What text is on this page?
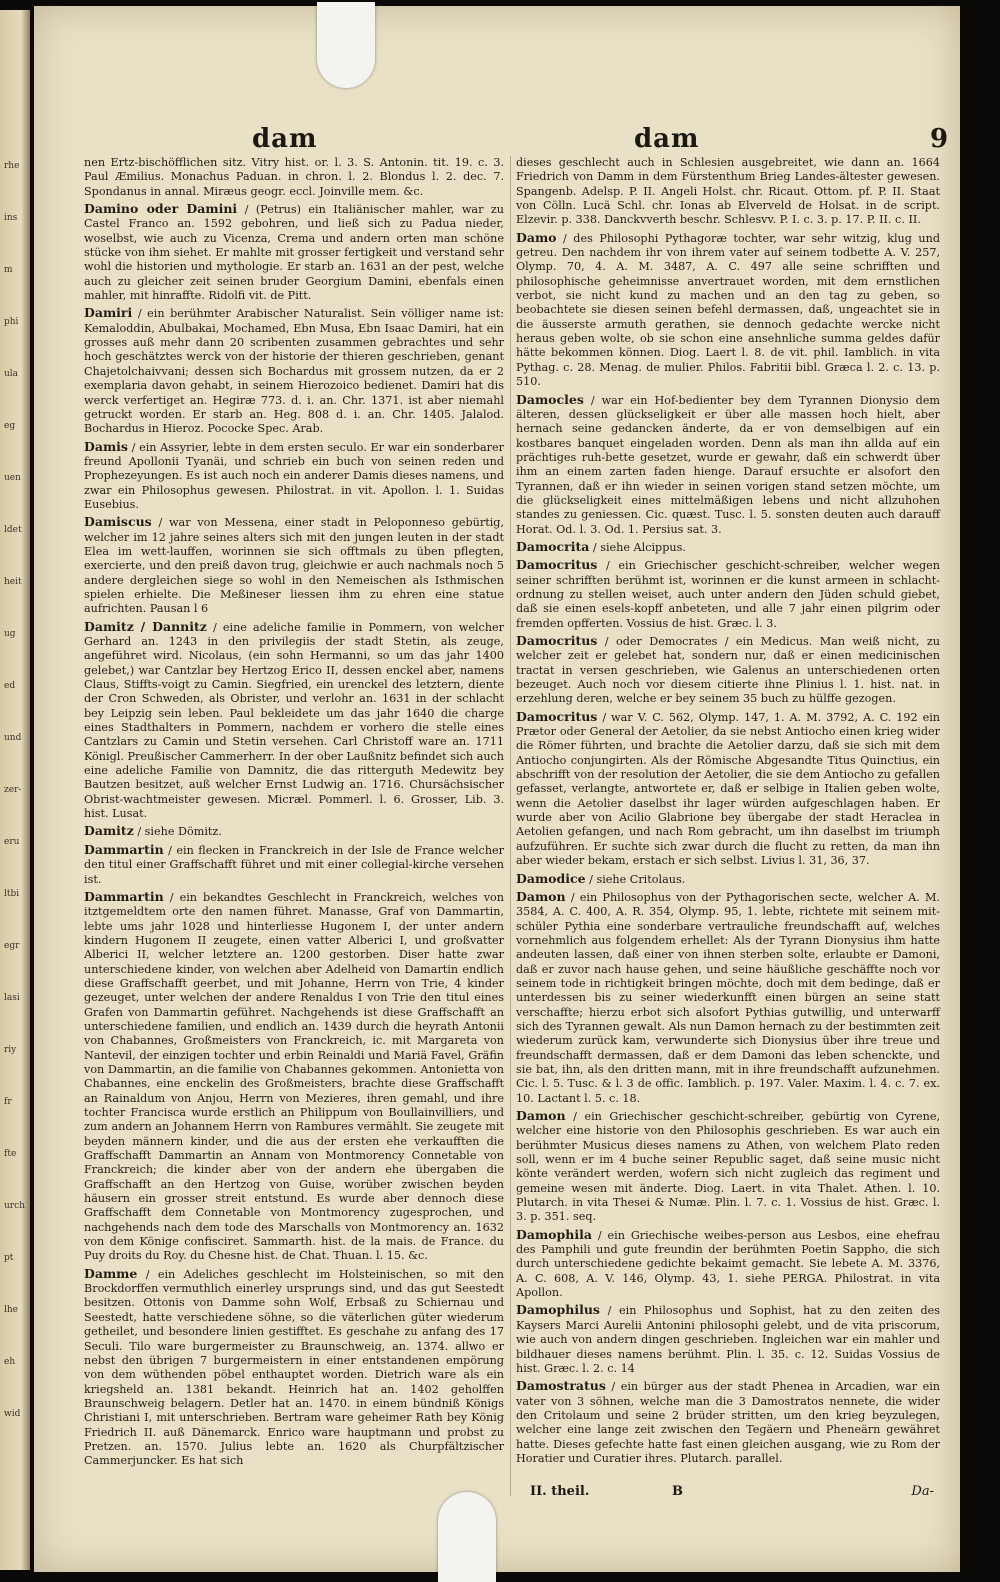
rhe
ins
m
phi
ula
eg
uen
ldet
heit
ug
ed
und
zer-
eru
ltbi
egr
lasi
riy
fr
fte
urch
pt
lhe
eh
wid
dam	dam	9

nen Ertz-bischöfflichen sitz. Vitry hist. or. l. 3. S. Antonin. tit. 19. c. 3. Paul Æmilius. Monachus Paduan. in chron. l. 2. Blondus l. 2. dec. 7. Spondanus in annal. Miræus geogr. eccl. Joinville mem. &c.

Damino oder Damini / (Petrus) ein Italiänischer mahler, war zu Castel Franco an. 1592 gebohren, und ließ sich zu Padua nieder, woselbst, wie auch zu Vicenza, Crema und andern orten man schöne stücke von ihm siehet. Er mahlte mit grosser fertigkeit und verstand sehr wohl die historien und mythologie. Er starb an. 1631 an der pest, welche auch zu gleicher zeit seinen bruder Georgium Damini, ebenfals einen mahler, mit hinraffte. Ridolfi vit. de Pitt.

Damiri / ein berühmter Arabischer Naturalist. Sein völliger name ist: Kemaloddin, Abulbakai, Mochamed, Ebn Musa, Ebn Isaac Damiri, hat ein grosses auß mehr dann 20 scribenten zusammen gebrachtes und sehr hoch geschätztes werck von der historie der thieren geschrieben, genant Chajetolchaivvani; dessen sich Bochardus mit grossem nutzen, da er 2 exemplaria davon gehabt, in seinem Hierozoico bedienet. Damiri hat dis werck verfertiget an. Hegiræ 773. d. i. an. Chr. 1371. ist aber niemahl getruckt worden. Er starb an. Heg. 808 d. i. an. Chr. 1405. Jalalod. Bochardus in Hieroz. Pococke Spec. Arab.

Damis / ein Assyrier, lebte in dem ersten seculo. Er war ein sonderbarer freund Apollonii Tyanäi, und schrieb ein buch von seinen reden und Prophezeyungen. Es ist auch noch ein anderer Damis dieses namens, und zwar ein Philosophus gewesen. Philostrat. in vit. Apollon. l. 1. Suidas Eusebius.

Damiscus / war von Messena, einer stadt in Peloponneso gebürtig, welcher im 12 jahre seines alters sich mit den jungen leuten in der stadt Elea im wett-lauffen, worinnen sie sich offtmals zu üben pflegten, exercierte, und den preiß davon trug, gleichwie er auch nachmals noch 5 andere dergleichen siege so wohl in den Nemeischen als Isthmischen spielen erhielte. Die Meßineser liessen ihm zu ehren eine statue aufrichten. Pausan l 6

Damitz / Dannitz / eine adeliche familie in Pommern, von welcher Gerhard an. 1243 in den privilegiis der stadt Stetin, als zeuge, angeführet wird. Nicolaus, (ein sohn Hermanni, so um das jahr 1400 gelebet,) war Cantzlar bey Hertzog Erico II, dessen enckel aber, namens Claus, Stiffts-voigt zu Camin. Siegfried, ein urenckel des letztern, diente der Cron Schweden, als Obrister, und verlohr an. 1631 in der schlacht bey Leipzig sein leben. Paul bekleidete um das jahr 1640 die charge eines Stadthalters in Pommern, nachdem er vorhero die stelle eines Cantzlars zu Camin und Stetin versehen. Carl Christoff ware an. 1711 Königl. Preußischer Cammerherr. In der ober Laußnitz befindet sich auch eine adeliche Familie von Damnitz, die das ritterguth Medewitz bey Bautzen besitzet, auß welcher Ernst Ludwig an. 1716. Chursächsischer Obrist-wachtmeister gewesen. Micræl. Pommerl. l. 6. Grosser, Lib. 3. hist. Lusat.

Damitz / siehe Dömitz.

Dammartin / ein flecken in Franckreich in der Isle de France welcher den titul einer Graffschafft führet und mit einer collegial-kirche versehen ist.

Dammartin / ein bekandtes Geschlecht in Franckreich, welches von itztgemeldtem orte den namen führet. Manasse, Graf von Dammartin, lebte ums jahr 1028 und hinterliesse Hugonem I, der unter andern kindern Hugonem II zeugete, einen vatter Alberici I, und großvatter Alberici II, welcher letztere an. 1200 gestorben. Diser hatte zwar unterschiedene kinder, von welchen aber Adelheid von Damartin endlich diese Graffschafft geerbet, und mit Johanne, Herrn von Trie, 4 kinder gezeuget, unter welchen der andere Renaldus I von Trie den titul eines Grafen von Dammartin geführet. Nachgehends ist diese Graffschafft an unterschiedene familien, und endlich an. 1439 durch die heyrath Antonii von Chabannes, Großmeisters von Franckreich, ic. mit Margareta von Nantevil, der einzigen tochter und erbin Reinaldi und Mariä Favel, Gräfin von Dammartin, an die familie von Chabannes gekommen. Antonietta von Chabannes, eine enckelin des Großmeisters, brachte diese Graffschafft an Rainaldum von Anjou, Herrn von Mezieres, ihren gemahl, und ihre tochter Francisca wurde erstlich an Philippum von Boullainvilliers, und zum andern an Johannem Herrn von Rambures vermählt. Sie zeugete mit beyden männern kinder, und die aus der ersten ehe verkaufften die Graffschafft Dammartin an Annam von Montmorency Connetable von Franckreich; die kinder aber von der andern ehe übergaben die Graffschafft an den Hertzog von Guise, worüber zwischen beyden häusern ein grosser streit entstund. Es wurde aber dennoch diese Graffschafft dem Connetable von Montmorency zugesprochen, und nachgehends nach dem tode des Marschalls von Montmorency an. 1632 von dem Könige confisciret. Sammarth. hist. de la mais. de France. du Puy droits du Roy. du Chesne hist. de Chat. Thuan. l. 15. &c.

Damme / ein Adeliches geschlecht im Holsteinischen, so mit den Brockdorffen vermuthlich einerley ursprungs sind, und das gut Seestedt besitzen. Ottonis von Damme sohn Wolf, Erbsaß zu Schiernau und Seestedt, hatte verschiedene söhne, so die väterlichen güter wiederum getheilet, und besondere linien gestifftet. Es geschahe zu anfang des 17 Seculi. Tilo ware burgermeister zu Braunschweig, an. 1374. allwo er nebst den übrigen 7 burgermeistern in einer entstandenen empörung von dem wüthenden pöbel enthauptet worden. Dietrich ware als ein kriegsheld an. 1381 bekandt. Heinrich hat an. 1402 geholffen Braunschweig belagern. Detler hat an. 1470. in einem bündniß Königs Christiani I, mit unterschrieben. Bertram ware geheimer Rath bey König Friedrich II. auß Dänemarck. Enrico ware hauptmann und probst zu Pretzen. an. 1570. Julius lebte an. 1620 als Churpfältzischer Cammerjuncker. Es hat sich

dieses geschlecht auch in Schlesien ausgebreitet, wie dann an. 1664 Friedrich von Damm in dem Fürstenthum Brieg Landes-ältester gewesen. Spangenb. Adelsp. P. II. Angeli Holst. chr. Ricaut. Ottom. pf. P. II. Staat von Cölln. Lucä Schl. chr. Ionas ab Elverveld de Holsat. in de script. Elzevir. p. 338. Danckvverth beschr. Schlesvv. P. I. c. 3. p. 17. P. II. c. II.

Damo / des Philosophi Pythagoræ tochter, war sehr witzig, klug und getreu. Den nachdem ihr von ihrem vater auf seinem todbette A. V. 257, Olymp. 70, 4. A. M. 3487, A. C. 497 alle seine schrifften und philosophische geheimnisse anvertrauet worden, mit dem ernstlichen verbot, sie nicht kund zu machen und an den tag zu geben, so beobachtete sie diesen seinen befehl dermassen, daß, ungeachtet sie in die äusserste armuth gerathen, sie dennoch gedachte wercke nicht heraus geben wolte, ob sie schon eine ansehnliche summa geldes dafür hätte bekommen können. Diog. Laert l. 8. de vit. phil. Iamblich. in vita Pythag. c. 28. Menag. de mulier. Philos. Fabritii bibl. Græca l. 2. c. 13. p. 510.

Damocles / war ein Hof-bedienter bey dem Tyrannen Dionysio dem älteren, dessen glückseligkeit er über alle massen hoch hielt, aber hernach seine gedancken änderte, da er von demselbigen auf ein kostbares banquet eingeladen worden. Denn als man ihn allda auf ein prächtiges ruh-bette gesetzet, wurde er gewahr, daß ein schwerdt über ihm an einem zarten faden hienge. Darauf ersuchte er alsofort den Tyrannen, daß er ihn wieder in seinen vorigen stand setzen möchte, um die glückseligkeit eines mittelmäßigen lebens und nicht allzuhohen standes zu geniessen. Cic. quæst. Tusc. l. 5. sonsten deuten auch darauff Horat. Od. l. 3. Od. 1. Persius sat. 3.

Damocrita / siehe Alcippus.

Damocritus / ein Griechischer geschicht-schreiber, welcher wegen seiner schrifften berühmt ist, worinnen er die kunst armeen in schlacht-ordnung zu stellen weiset, auch unter andern den Jüden schuld giebet, daß sie einen esels-kopff anbeteten, und alle 7 jahr einen pilgrim oder fremden opfferten. Vossius de hist. Græc. l. 3.

Damocritus / oder Democrates / ein Medicus. Man weiß nicht, zu welcher zeit er gelebet hat, sondern nur, daß er einen medicinischen tractat in versen geschrieben, wie Galenus an unterschiedenen orten bezeuget. Auch noch vor diesem citierte ihne Plinius l. 1. hist. nat. in erzehlung deren, welche er bey seinem 35 buch zu hülffe gezogen.

Damocritus / war V. C. 562, Olymp. 147, 1. A. M. 3792, A. C. 192 ein Prætor oder General der Aetolier, da sie nebst Antiocho einen krieg wider die Römer führten, und brachte die Aetolier darzu, daß sie sich mit dem Antiocho conjungirten. Als der Römische Abgesandte Titus Quinctius, ein abschrifft von der resolution der Aetolier, die sie dem Antiocho zu gefallen gefasset, verlangte, antwortete er, daß er selbige in Italien geben wolte, wenn die Aetolier daselbst ihr lager würden aufgeschlagen haben. Er wurde aber von Acilio Glabrione bey übergabe der stadt Heraclea in Aetolien gefangen, und nach Rom gebracht, um ihn daselbst im triumph aufzuführen. Er suchte sich zwar durch die flucht zu retten, da man ihn aber wieder bekam, erstach er sich selbst. Livius l. 31, 36, 37.

Damodice / siehe Critolaus.

Damon / ein Philosophus von der Pythagorischen secte, welcher A. M. 3584, A. C. 400, A. R. 354, Olymp. 95, 1. lebte, richtete mit seinem mit-schüler Pythia eine sonderbare vertrauliche freundschafft auf, welches vornehmlich aus folgendem erhellet: Als der Tyrann Dionysius ihm hatte andeuten lassen, daß einer von ihnen sterben solte, erlaubte er Damoni, daß er zuvor nach hause gehen, und seine häußliche geschäffte noch vor seinem tode in richtigkeit bringen möchte, doch mit dem bedinge, daß er unterdessen bis zu seiner wiederkunfft einen bürgen an seine statt verschaffte; hierzu erbot sich alsofort Pythias gutwillig, und unterwarff sich des Tyrannen gewalt. Als nun Damon hernach zu der bestimmten zeit wiederum zurück kam, verwunderte sich Dionysius über ihre treue und freundschafft dermassen, daß er dem Damoni das leben schenckte, und sie bat, ihn, als den dritten mann, mit in ihre freundschafft aufzunehmen. Cic. l. 5. Tusc. & l. 3 de offic. Iamblich. p. 197. Valer. Maxim. l. 4. c. 7. ex. 10. Lactant l. 5. c. 18.

Damon / ein Griechischer geschicht-schreiber, gebürtig von Cyrene, welcher eine historie von den Philosophis geschrieben. Es war auch ein berühmter Musicus dieses namens zu Athen, von welchem Plato reden soll, wenn er im 4 buche seiner Republic saget, daß seine music nicht könte verändert werden, wofern sich nicht zugleich das regiment und gemeine wesen mit änderte. Diog. Laert. in vita Thalet. Athen. l. 10. Plutarch. in vita Thesei & Numæ. Plin. l. 7. c. 1. Vossius de hist. Græc. l. 3. p. 351. seq.

Damophila / ein Griechische weibes-person aus Lesbos, eine ehefrau des Pamphili und gute freundin der berühmten Poetin Sappho, die sich durch unterschiedene gedichte bekaimt gemacht. Sie lebete A. M. 3376, A. C. 608, A. V. 146, Olymp. 43, 1. siehe PERGA. Philostrat. in vita Apollon.

Damophilus / ein Philosophus und Sophist, hat zu den zeiten des Kaysers Marci Aurelii Antonini philosophi gelebt, und de vita priscorum, wie auch von andern dingen geschrieben. Ingleichen war ein mahler und bildhauer dieses namens berühmt. Plin. l. 35. c. 12. Suidas Vossius de hist. Græc. l. 2. c. 14

Damostratus / ein bürger aus der stadt Pheneа in Arcadien, war ein vater von 3 söhnen, welche man die 3 Damostratos nennete, die wider den Critolaum und seine 2 brüder stritten, um den krieg beyzulegen, welcher eine lange zeit zwischen den Tegäern und Pheneärn gewähret hatte. Dieses gefechte hatte fast einen gleichen ausgang, wie zu Rom der Horatier und Curatier ihres. Plutarch. parallel.

II. theil.	B	Da-
